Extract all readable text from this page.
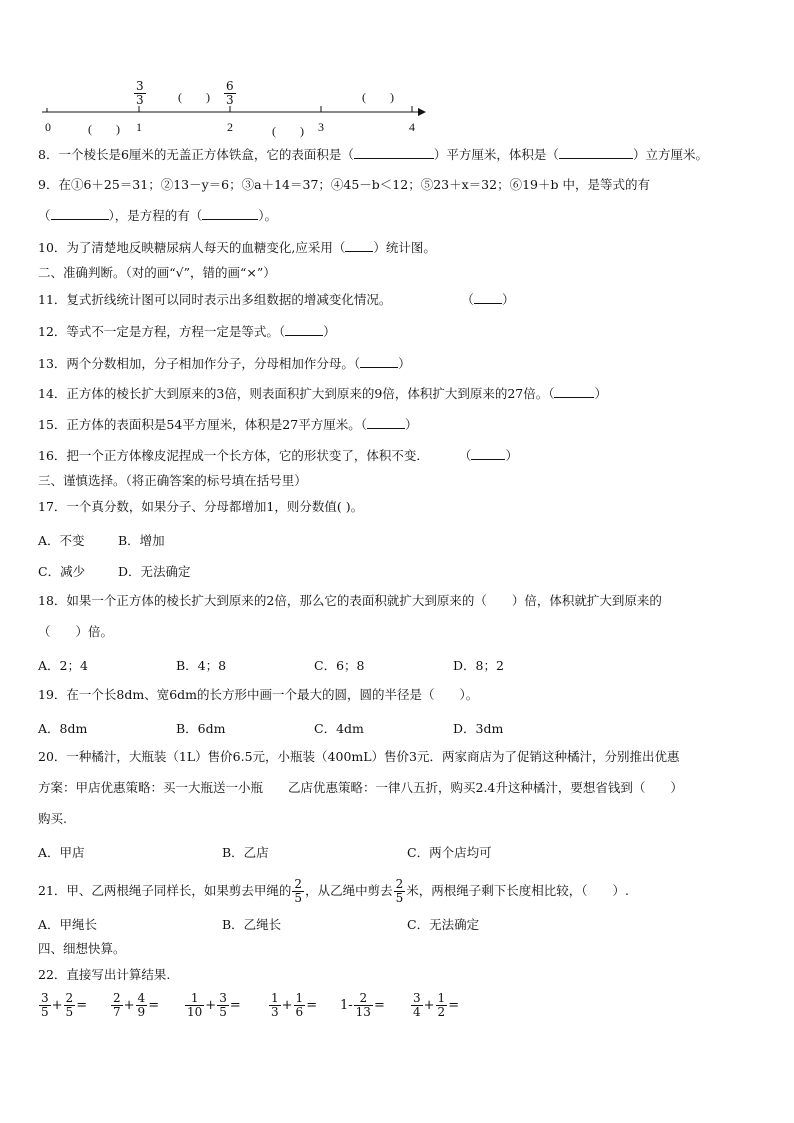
0	1	2	3	4
$\frac{3}{3}$	$\frac{6}{3}$
(　　)	(　　)
(　　)	(　　)
8．一个棱长是6厘米的无盖正方体铁盒，它的表面积是（	）平方厘米，体积是（	）立方厘米。
9．在①6＋25＝31；②13－y＝6；③a＋14＝37；④45－b＜12；⑤23＋x＝32；⑥19＋b 中，是等式的有
（	），是方程的有（	）。
10．为了清楚地反映糖尿病人每天的血糖变化,应采用（ ）统计图。
二、准确判断。（对的画“√”，错的画“×”）
11．复式折线统计图可以同时表示出多组数据的增减变化情况。	（ ）
12．等式不一定是方程，方程一定是等式。（	）
13．两个分数相加，分子相加作分子，分母相加作分母。（	）
14．正方体的棱长扩大到原来的3倍，则表面积扩大到原来的9倍，体积扩大到原来的27倍。（	）
15．正方体的表面积是54平方厘米，体积是27平方厘米。（	）
16．把一个正方体橡皮泥捏成一个长方体，它的形状变了，体积不变． （	）
三、谨慎选择。（将正确答案的标号填在括号里）
17．一个真分数，如果分子、分母都增加1，则分数值( )。
A．不变	B．增加
C．减少	D．无法确定
18．如果一个正方体的棱长扩大到原来的2倍，那么它的表面积就扩大到原来的（　　）倍，体积就扩大到原来的
（　　）倍。
A．2；4	B．4；8	C．6；8	D．8；2
19．在一个长8dm、宽6dm的长方形中画一个最大的圆，圆的半径是（　　）。
A．8dm	B．6dm	C．4dm	D．3dm
20．一种橘汁，大瓶装（1L）售价6.5元，小瓶装（400mL）售价3元．两家商店为了促销这种橘汁，分别推出优惠
方案：甲店优惠策略：买一大瓶送一小瓶　　乙店优惠策略：一律八五折，购买2.4升这种橘汁，要想省钱到（　　）
购买.
A．甲店	B．乙店	C．两个店均可
21．甲、乙两根绳子同样长，如果剪去甲绳的 $\frac{2}{5}$ ，从乙绳中剪去 $\frac{2}{5}$ 米，两根绳子剩下长度相比较，（　　）.
A．甲绳长	B．乙绳长	C．无法确定
四、细想快算。
22．直接写出计算结果.
$\frac{3}{5} + \frac{2}{5} = \frac{2}{7} + \frac{4}{9} = \frac{1}{10} + \frac{3}{5} = \frac{1}{3} + \frac{1}{6} = 1- \frac{2}{13} = \frac{3}{4} + \frac{1}{2}$ =
